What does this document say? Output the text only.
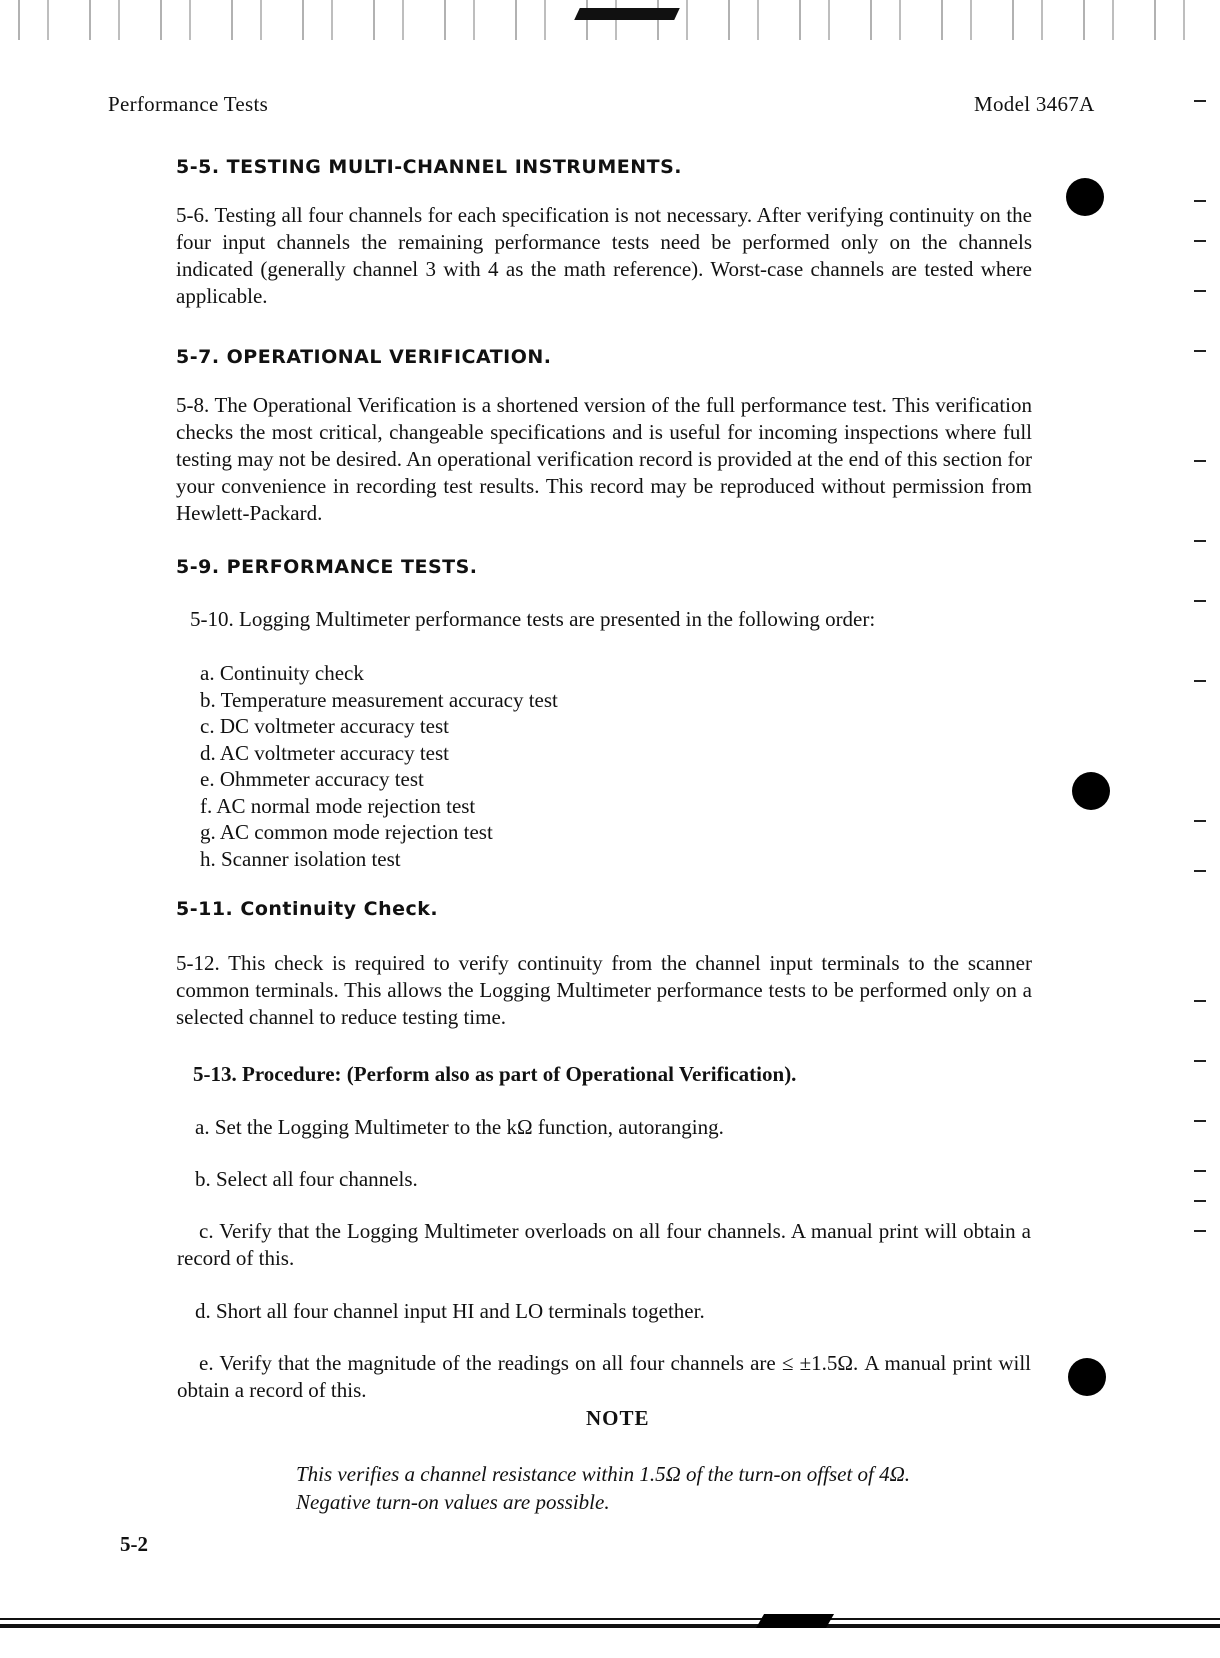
Performance Tests	Model 3467A
5-5. TESTING MULTI-CHANNEL INSTRUMENTS.
5-6. Testing all four channels for each specification is not necessary. After verifying continuity on the four input channels the remaining performance tests need be performed only on the channels indicated (generally channel 3 with 4 as the math reference). Worst-case channels are tested where applicable.
5-7. OPERATIONAL VERIFICATION.
5-8. The Operational Verification is a shortened version of the full performance test. This verification checks the most critical, changeable specifications and is useful for incoming inspections where full testing may not be desired. An operational verification record is provided at the end of this section for your convenience in recording test results. This record may be reproduced without permission from Hewlett-Packard.
5-9. PERFORMANCE TESTS.
5-10. Logging Multimeter performance tests are presented in the following order:
a. Continuity check
b. Temperature measurement accuracy test
c. DC voltmeter accuracy test
d. AC voltmeter accuracy test
e. Ohmmeter accuracy test
f. AC normal mode rejection test
g. AC common mode rejection test
h. Scanner isolation test
5-11. Continuity Check.
5-12. This check is required to verify continuity from the channel input terminals to the scanner common terminals. This allows the Logging Multimeter performance tests to be performed only on a selected channel to reduce testing time.
5-13. Procedure: (Perform also as part of Operational Verification).
a. Set the Logging Multimeter to the kΩ function, autoranging.
b. Select all four channels.
c. Verify that the Logging Multimeter overloads on all four channels. A manual print will obtain a record of this.
d. Short all four channel input HI and LO terminals together.
e. Verify that the magnitude of the readings on all four channels are ≤ ±1.5Ω. A manual print will obtain a record of this.
NOTE
This verifies a channel resistance within 1.5Ω of the turn-on offset of 4Ω. Negative turn-on values are possible.
5-2
